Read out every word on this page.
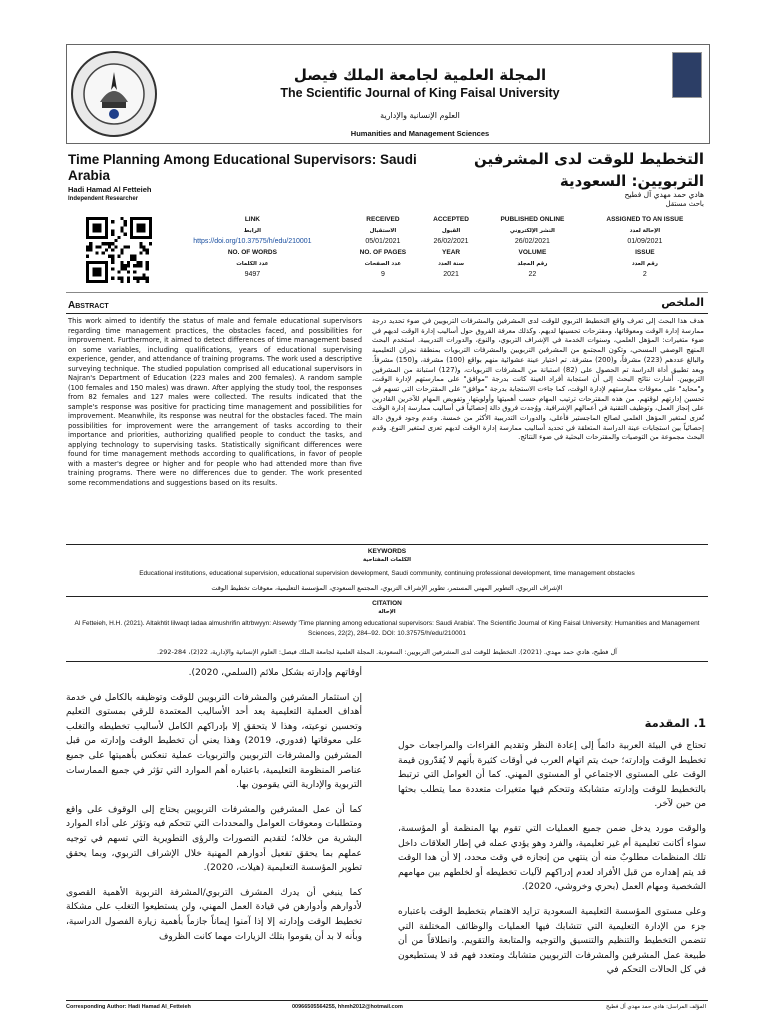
المجلة العلمية لجامعة الملك فيصل
The Scientific Journal of King Faisal University
العلوم الإنسانية والإدارية
Humanities and Management Sciences
Time Planning Among Educational Supervisors: Saudi Arabia
Hadi Hamad Al Fetteieh
Independent Researcher
التخطيط للوقت لدى المشرفين التربويين: السعودية
هادي حمد مهدي آل فطيح
باحث مستقل
LINK	RECEIVED	ACCEPTED	PUBLISHED ONLINE	ASSIGNED TO AN ISSUE
الرابط	الاستقبال	القبول	النشر الإلكتروني	الإحالة لعدد
https://doi.org/10.37575/h/edu/210001	05/01/2021	26/02/2021	26/02/2021	01/09/2021
NO. OF WORDS	NO. OF PAGES	YEAR	VOLUME	ISSUE
عدد الكلمات	عدد الصفحات	سنة العدد	رقم المجلد	رقم العدد
9497	9	2021	22	2
Abstract	الملخص
This work aimed to identify the status of male and female educational supervisors regarding time management practices, the obstacles faced, and possibilities for improvement. Furthermore, it aimed to detect differences of time management based on some variables, including qualifications, years of educational supervising experience, gender, and attendance of training programs. The work used a descriptive surveying technique. The studied population comprised all educational supervisors in Najran's Department of Education (223 males and 200 females). A random sample (100 females and 150 males) was drawn. After applying the study tool, the responses from 82 females and 127 males were collected. The results indicated that the sample's response was positive for practicing time management and possibilities for improvement. Meanwhile, its response was neutral for the obstacles faced. The main possibilities for improvement were the arrangement of tasks according to their importance and priorities, authorizing qualified people to conduct the tasks, and applying technology to supervising tasks. Statistically significant differences were found for time management methods according to qualifications, in favor of people with a master's degree or higher and for people who had attended more than five training programs. There were no differences due to gender. The work presented some recommendations and suggestions based on its results.
هدف هذا البحث إلى تعرف واقع التخطيط التربوي للوقت لدى المشرفين والمشرفات التربويين في ضوء تحديد درجة ممارسة إدارة الوقت ومعوقاتها، ومقترحات تحسينها لديهم. وكذلك معرفة الفروق حول أساليب إدارة الوقت لديهم في ضوء متغيرات: المؤهل العلمي، وسنوات الخدمة في الإشراف التربوي، والنوع، والدورات التدريبية. استخدم البحث المنهج الوصفي المسحي، وتكون المجتمع من المشرفين التربويين والمشرفات التربويات بمنطقة نجران التعليمية والبالغ عددهم (223) مشرفاً، و(200) مشرفة. تم اختيار عينة عشوائية منهم بواقع (100) مشرفة، و(150) مشرفاً. وبعد تطبيق أداة الدراسة تم الحصول على (82) استبانة من المشرفات التربويات، و(127) استبانة من المشرفين التربويين. أشارت نتائج البحث إلى أن استجابة أفراد العينة كانت بدرجة "موافق" على ممارستهم لإدارة الوقت، و"محايد" على معوقات ممارستهم لإدارة الوقت، كما جاءت الاستجابة بدرجة "موافق" على المقترحات التي تسهم في تحسين إدارتهم لوقتهم. من هذه المقترحات ترتيب المهام حسب أهميتها وأولويتها، وتفويض المهام للآخرين القادرين على إنجاز العمل، وتوظيف التقنية في أعمالهم الإشرافية. ووُجدت فروق دالة إحصائياً في أساليب ممارسة إدارة الوقت تُعزى لمتغير المؤهل العلمي لصالح الماجستير فأعلى، والدورات التدريبية الأكثر من خمسة. وعدم وجود فروق دالة إحصائياً بين استجابات عينة الدراسة المتعلقة في تحديد أساليب ممارسة إدارة الوقت لديهم تعزى لمتغير النوع. وقدم البحث مجموعة من التوصيات والمقترحات البحثية في ضوء النتائج.
KEYWORDS
الكلمات المفتاحية
Educational institutions, educational supervision, educational supervision development, Saudi community, continuing professional development, time management obstacles
الإشراف التربوي، التطوير المهني المستمر، تطوير الإشراف التربوي، المجتمع السعودي، المؤسسة التعليمية، معوقات تخطيط الوقت
CITATION
الإحالة
Al Fetteieh, H.H. (2021). Altakhtit lilwaqt ladaa almushrifin altrbwyyn: Alsewdy 'Time planning among educational supervisors: Saudi Arabia'. The Scientific Journal of King Faisal University: Humanities and Management Sciences, 22(2), 284–92. DOI: 10.37575/h/edu/210001
آل فطيح، هادي حمد مهدي. (2021). التخطيط للوقت لدى المشرفين التربويين: السعودية. المجلة العلمية لجامعة الملك فيصل: العلوم الإنسانية والإدارية، 22(2)، 284-292.
1. المقدمة

تحتاج في البيئة العربية دائماً إلى إعادة النظر وتقديم القراءات والمراجعات حول تخطيط الوقت وإدارته؛ حيث يتم اتهام العرب في أوقات كثيرة بأنهم لا يُقدّرون قيمة الوقت على المستوى الاجتماعي أو المستوى المهني. كما أن العوامل التي ترتبط بالتخطيط للوقت وإدارته متشابكة وتتحكم فيها متغيرات متعددة مما يتطلب بحثها من حين لآخر.

والوقت مورد يدخل ضمن جميع العمليات التي تقوم بها المنظمة أو المؤسسة، سواء أكانت تعليمية أم غير تعليمية، والفرد وهو يؤدي عمله في إطار العلاقات داخل تلك المنظمات مطلوبٌ منه أن ينتهي من إنجازه في وقت محدد، إلا أن هدا الوقت قد يتم إهداره من قبل الأفراد لعدم إدراكهم لآليات تخطيطه أو لخلطهم بين مهامهم الشخصية ومهام العمل (بحري وخروشي، 2020).

وعلى مستوى المؤسسة التعليمية السعودية تزايد الاهتمام بتخطيط الوقت باعتباره جزء من الإدارة التعليمية التي تتشابك فيها العمليات والوظائف المختلفة التي تتضمن التخطيط والتنظيم والتنسيق والتوجيه والمتابعة والتقويم. وانطلاقاً من أن طبيعة عمل المشرفين والمشرفات التربويين متشابك ومتعدد فهم قد لا يستطيعون في كل الحالات التحكم في

أوقاتهم وإدارته بشكل ملائم (السلمي، 2020).

إن استثمار المشرفين والمشرفات التربويين للوقت وتوظيفه بالكامل في خدمة أهداف العملية التعليمية يعد أحد الأساليب المعتمدة للرقي بمستوى التعليم وتحسين نوعيته، وهذا لا يتحقق إلا بإدراكهم الكامل لأساليب تخطيطه والتغلب على معوقاتها (فدوري، 2019) وهذا يعني أن تخطيط الوقت وإدارته من قبل المشرفين والمشرفات التربويين والتربويات عملية تنعكس بأهميتها على جميع عناصر المنظومة التعليمية، باعتباره أهم الموارد التي تؤثر في جميع الممارسات التربوية والإدارية التي يقومون بها.

كما أن عمل المشرفين والمشرفات التربويين يحتاج إلى الوقوف على واقع ومتطلبات ومعوقات العوامل والمحددات التي تتحكم فيه وتؤثر على أداء الموارد البشرية من خلاله؛ لتقديم التصورات والرؤى التطويرية التي تسهم في توجيه عملهم بما يحقق تفعيل أدوارهم المهنية خلال الإشراف التربوي، وبما يحقق تطوير المؤسسة التعليمية (هيلات، 2020).

كما ينبغي أن يدرك المشرف التربوي/المشرفة التربوية الأهمية القصوى لأدوارهم وأدوارهن في قيادة العمل المهني، ولن يستطيعوا التغلب على مشكلة تخطيط الوقت وإدارته إلا إذا آمنوا إيماناً جازماً بأهمية زيارة الفصول الدراسية، وبأنه لا بد أن يقوموا بتلك الزيارات مهما كانت الظروف

Corresponding Author: Hadi Hamad Al_Fetteieh	00966505564255, hhmh2012@hotmail.com	المؤلف المراسل: هادي حمد مهدي آل فطيح
